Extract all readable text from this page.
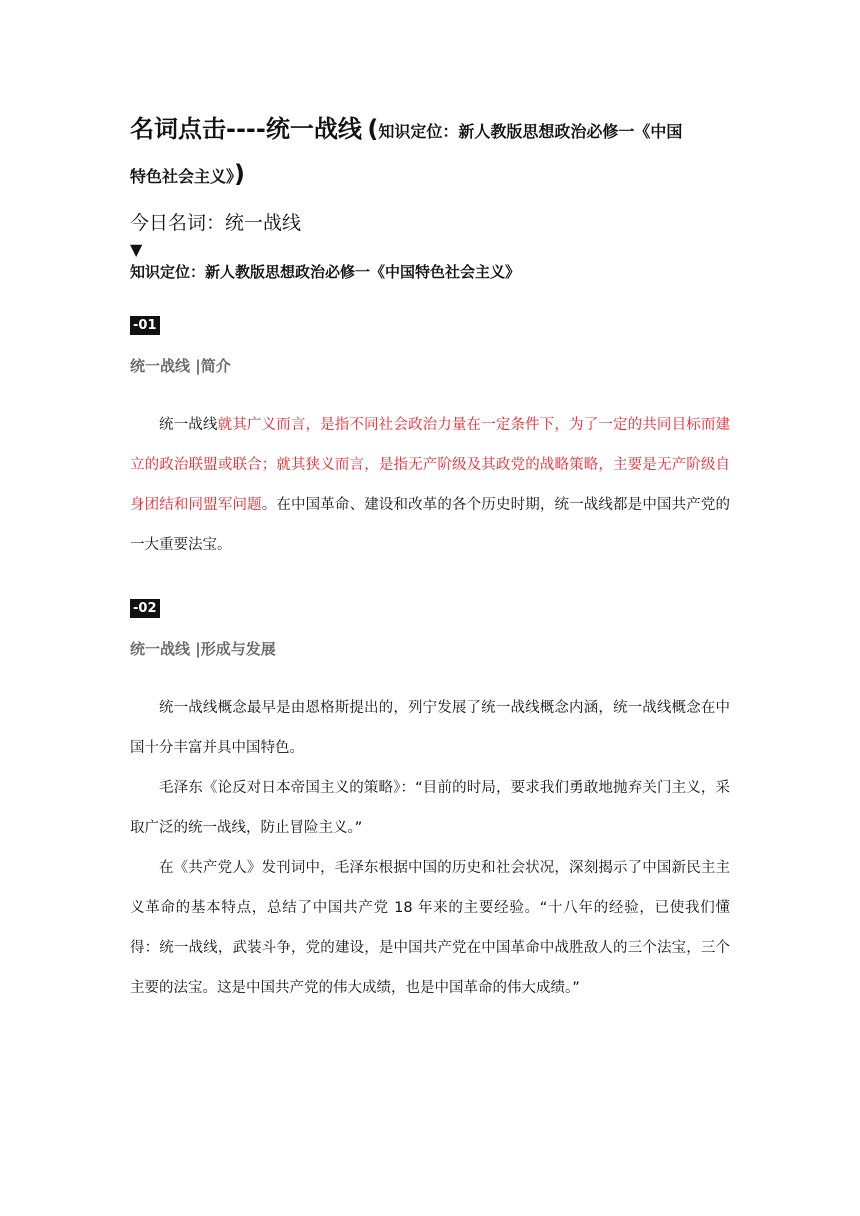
名词点击----统一战线 (知识定位：新人教版思想政治必修一《中国
特色社会主义》)
今日名词：统一战线
▼
知识定位：新人教版思想政治必修一《中国特色社会主义》
-01
统一战线 |简介

统一战线就其广义而言，是指不同社会政治力量在一定条件下，为了一定的共同目标而建立的政治联盟或联合；就其狭义而言，是指无产阶级及其政党的战略策略，主要是无产阶级自身团结和同盟军问题。在中国革命、建设和改革的各个历史时期，统一战线都是中国共产党的一大重要法宝。

-02
统一战线 |形成与发展

统一战线概念最早是由恩格斯提出的，列宁发展了统一战线概念内涵，统一战线概念在中国十分丰富并具中国特色。

毛泽东《论反对日本帝国主义的策略》：“目前的时局，要求我们勇敢地抛弃关门主义，采取广泛的统一战线，防止冒险主义。”

在《共产党人》发刊词中，毛泽东根据中国的历史和社会状况，深刻揭示了中国新民主主义革命的基本特点，总结了中国共产党 18 年来的主要经验。“十八年的经验，已使我们懂得：统一战线，武装斗争，党的建设，是中国共产党在中国革命中战胜敌人的三个法宝，三个主要的法宝。这是中国共产党的伟大成绩，也是中国革命的伟大成绩。”
